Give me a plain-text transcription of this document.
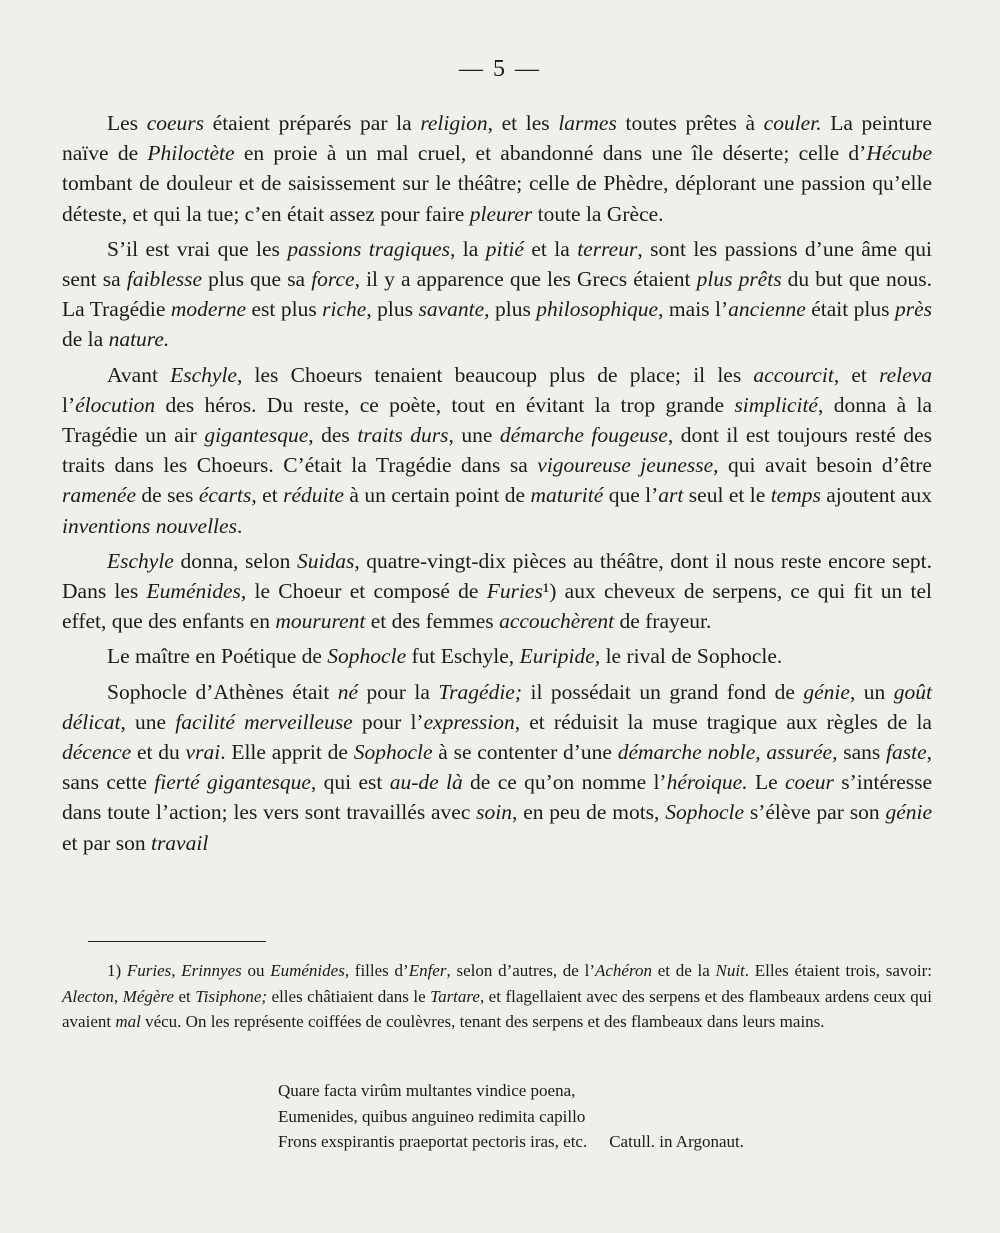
— 5 —

Les coeurs étaient préparés par la religion, et les larmes toutes prêtes à couler. La peinture naïve de Philoctète en proie à un mal cruel, et abandonné dans une île déserte; celle d’Hécube tombant de douleur et de saisissement sur le théâtre; celle de Phèdre, déplorant une passion qu’elle déteste, et qui la tue; c’en était assez pour faire pleurer toute la Grèce.

S’il est vrai que les passions tragiques, la pitié et la terreur, sont les passions d’une âme qui sent sa faiblesse plus que sa force, il y a apparence que les Grecs étaient plus prêts du but que nous. La Tragédie moderne est plus riche, plus savante, plus philosophique, mais l’ancienne était plus près de la nature.

Avant Eschyle, les Choeurs tenaient beaucoup plus de place; il les accourcit, et releva l’élocution des héros. Du reste, ce poète, tout en évitant la trop grande simplicité, donna à la Tragédie un air gigantesque, des traits durs, une démarche fougeuse, dont il est toujours resté des traits dans les Choeurs. C’était la Tragédie dans sa vigoureuse jeunesse, qui avait besoin d’être ramenée de ses écarts, et réduite à un certain point de maturité que l’art seul et le temps ajoutent aux inventions nouvelles.

Eschyle donna, selon Suidas, quatre-vingt-dix pièces au théâtre, dont il nous reste encore sept. Dans les Euménides, le Choeur et composé de Furies¹) aux cheveux de serpens, ce qui fit un tel effet, que des enfants en moururent et des femmes accouchèrent de frayeur.

Le maître en Poétique de Sophocle fut Eschyle, Euripide, le rival de Sophocle.

Sophocle d’Athènes était né pour la Tragédie; il possédait un grand fond de génie, un goût délicat, une facilité merveilleuse pour l’expression, et réduisit la muse tragique aux règles de la décence et du vrai. Elle apprit de Sophocle à se contenter d’une démarche noble, assurée, sans faste, sans cette fierté gigantesque, qui est au-de là de ce qu’on nomme l’héroique. Le coeur s’intéresse dans toute l’action; les vers sont travaillés avec soin, en peu de mots, Sophocle s’élève par son génie et par son travail

1) Furies, Erinnyes ou Euménides, filles d’Enfer, selon d’autres, de l’Achéron et de la Nuit. Elles étaient trois, savoir: Alecton, Mégère et Tisiphone; elles châtiaient dans le Tartare, et flagellaient avec des serpens et des flambeaux ardens ceux qui avaient mal vécu. On les représente coiffées de coulèvres, tenant des serpens et des flambeaux dans leurs mains.

Quare facta virûm multantes vindice poena,
Eumenides, quibus anguineo redimita capillo
Frons exspirantis praeportat pectoris iras, etc. Catull. in Argonaut.
